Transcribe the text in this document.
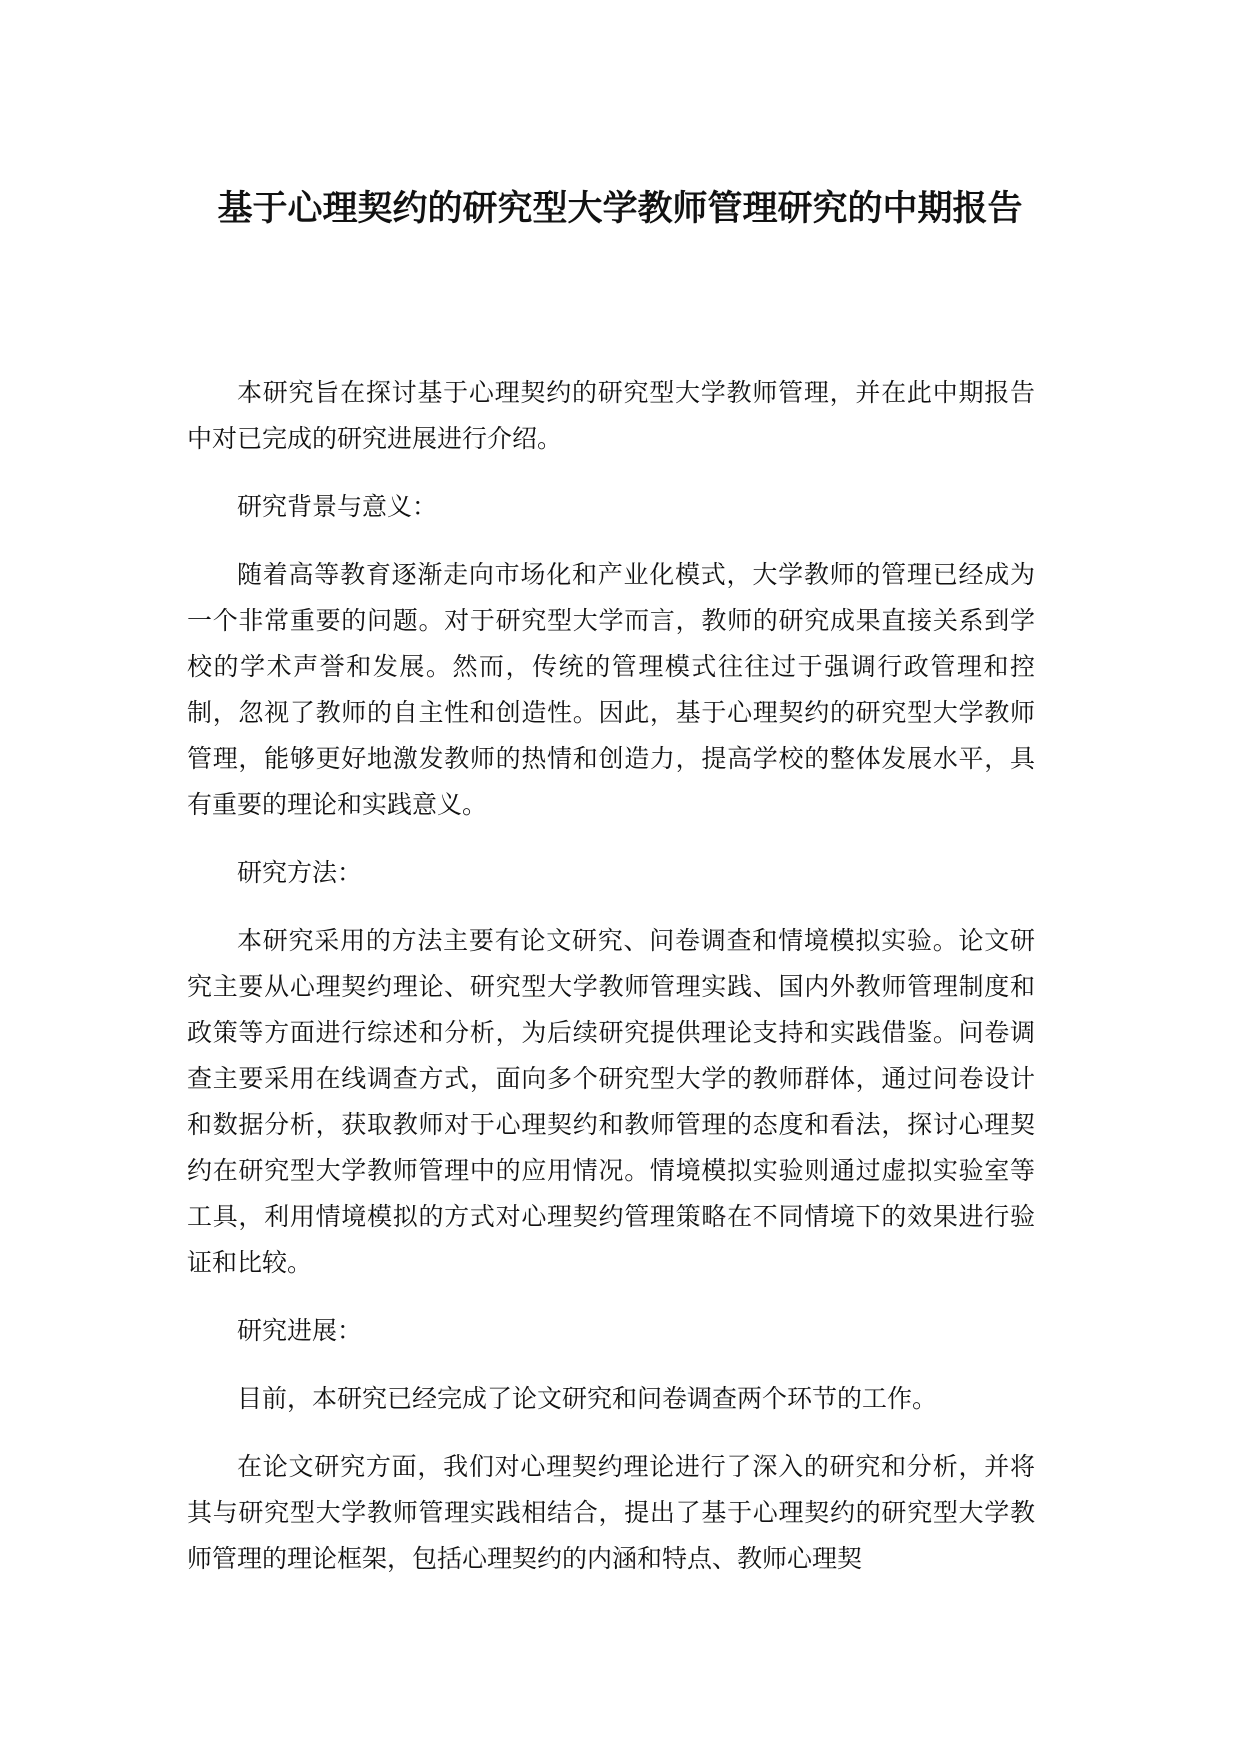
基于心理契约的研究型大学教师管理研究的中期报告

本研究旨在探讨基于心理契约的研究型大学教师管理，并在此中期报告中对已完成的研究进展进行介绍。

研究背景与意义：

随着高等教育逐渐走向市场化和产业化模式，大学教师的管理已经成为一个非常重要的问题。对于研究型大学而言，教师的研究成果直接关系到学校的学术声誉和发展。然而，传统的管理模式往往过于强调行政管理和控制，忽视了教师的自主性和创造性。因此，基于心理契约的研究型大学教师管理，能够更好地激发教师的热情和创造力，提高学校的整体发展水平，具有重要的理论和实践意义。

研究方法：

本研究采用的方法主要有论文研究、问卷调查和情境模拟实验。论文研究主要从心理契约理论、研究型大学教师管理实践、国内外教师管理制度和政策等方面进行综述和分析，为后续研究提供理论支持和实践借鉴。问卷调查主要采用在线调查方式，面向多个研究型大学的教师群体，通过问卷设计和数据分析，获取教师对于心理契约和教师管理的态度和看法，探讨心理契约在研究型大学教师管理中的应用情况。情境模拟实验则通过虚拟实验室等工具，利用情境模拟的方式对心理契约管理策略在不同情境下的效果进行验证和比较。

研究进展：

目前，本研究已经完成了论文研究和问卷调查两个环节的工作。

在论文研究方面，我们对心理契约理论进行了深入的研究和分析，并将其与研究型大学教师管理实践相结合，提出了基于心理契约的研究型大学教师管理的理论框架，包括心理契约的内涵和特点、教师心理契
